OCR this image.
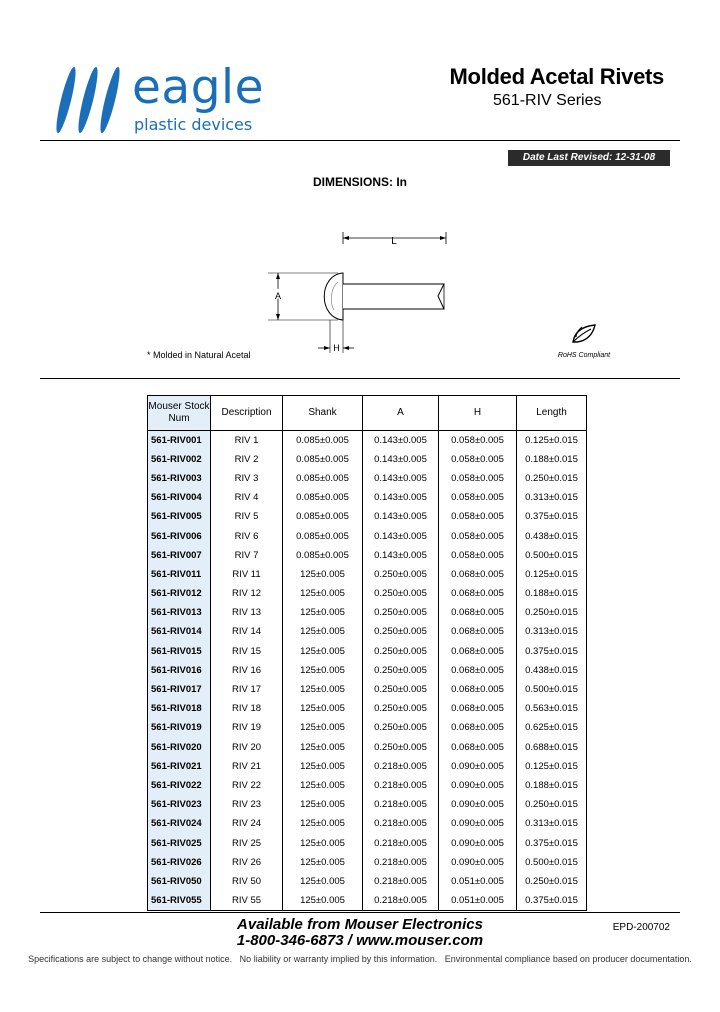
eagle
plastic devices
Molded Acetal Rivets
561-RIV Series
Date Last Revised: 12-31-08
DIMENSIONS: In
L
A
H
* Molded in Natural Acetal	RoHS Compliant
Mouser Stock Num	Description	Shank	A	H	Length
561-RIV001	RIV 1	0.085±0.005	0.143±0.005	0.058±0.005	0.125±0.015
561-RIV002	RIV 2	0.085±0.005	0.143±0.005	0.058±0.005	0.188±0.015
561-RIV003	RIV 3	0.085±0.005	0.143±0.005	0.058±0.005	0.250±0.015
561-RIV004	RIV 4	0.085±0.005	0.143±0.005	0.058±0.005	0.313±0.015
561-RIV005	RIV 5	0.085±0.005	0.143±0.005	0.058±0.005	0.375±0.015
561-RIV006	RIV 6	0.085±0.005	0.143±0.005	0.058±0.005	0.438±0.015
561-RIV007	RIV 7	0.085±0.005	0.143±0.005	0.058±0.005	0.500±0.015
561-RIV011	RIV 11	125±0.005	0.250±0.005	0.068±0.005	0.125±0.015
561-RIV012	RIV 12	125±0.005	0.250±0.005	0.068±0.005	0.188±0.015
561-RIV013	RIV 13	125±0.005	0.250±0.005	0.068±0.005	0.250±0.015
561-RIV014	RIV 14	125±0.005	0.250±0.005	0.068±0.005	0.313±0.015
561-RIV015	RIV 15	125±0.005	0.250±0.005	0.068±0.005	0.375±0.015
561-RIV016	RIV 16	125±0.005	0.250±0.005	0.068±0.005	0.438±0.015
561-RIV017	RIV 17	125±0.005	0.250±0.005	0.068±0.005	0.500±0.015
561-RIV018	RIV 18	125±0.005	0.250±0.005	0.068±0.005	0.563±0.015
561-RIV019	RIV 19	125±0.005	0.250±0.005	0.068±0.005	0.625±0.015
561-RIV020	RIV 20	125±0.005	0.250±0.005	0.068±0.005	0.688±0.015
561-RIV021	RIV 21	125±0.005	0.218±0.005	0.090±0.005	0.125±0.015
561-RIV022	RIV 22	125±0.005	0.218±0.005	0.090±0.005	0.188±0.015
561-RIV023	RIV 23	125±0.005	0.218±0.005	0.090±0.005	0.250±0.015
561-RIV024	RIV 24	125±0.005	0.218±0.005	0.090±0.005	0.313±0.015
561-RIV025	RIV 25	125±0.005	0.218±0.005	0.090±0.005	0.375±0.015
561-RIV026	RIV 26	125±0.005	0.218±0.005	0.090±0.005	0.500±0.015
561-RIV050	RIV 50	125±0.005	0.218±0.005	0.051±0.005	0.250±0.015
561-RIV055	RIV 55	125±0.005	0.218±0.005	0.051±0.005	0.375±0.015
Available from Mouser Electronics
1-800-346-6873 / www.mouser.com
EPD-200702
Specifications are subject to change without notice.   No liability or warranty implied by this information.   Environmental compliance based on producer documentation.
